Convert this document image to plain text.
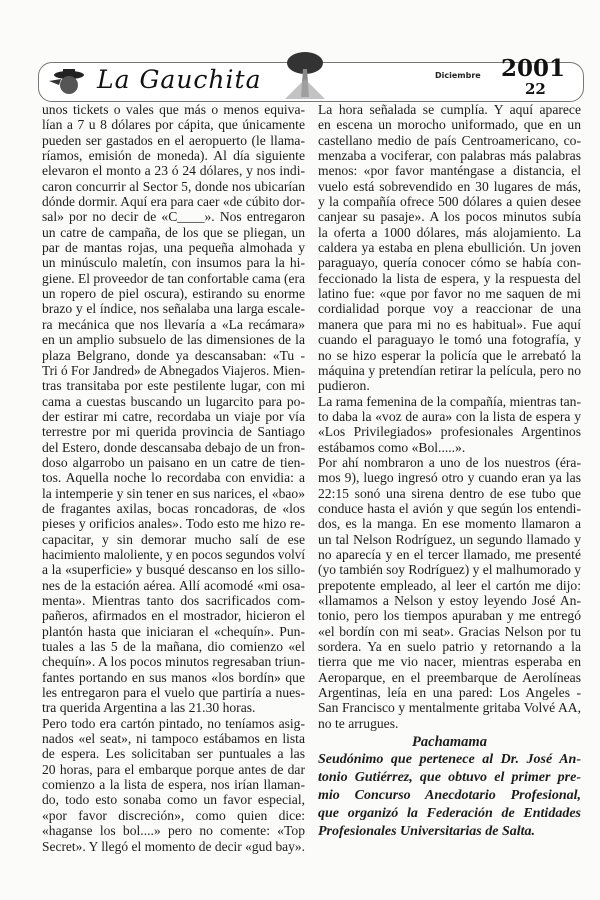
La Gauchita	Diciembre 2001
22
unos tickets o vales que más o menos equiva-
lían a 7 u 8 dólares por cápita, que únicamente
pueden ser gastados en el aeropuerto (le llama-
ríamos, emisión de moneda). Al día siguiente
elevaron el monto a 23 ó 24 dólares, y nos indi-
caron concurrir al Sector 5, donde nos ubicarían
dónde dormir. Aquí era para caer «de cúbito dor-
sal» por no decir de «C____». Nos entregaron
un catre de campaña, de los que se pliegan, un
par de mantas rojas, una pequeña almohada y
un minúsculo maletín, con insumos para la hi-
giene. El proveedor de tan confortable cama (era
un ropero de piel oscura), estirando su enorme
brazo y el índice, nos señalaba una larga escale-
ra mecánica que nos llevaría a «La recámara»
en un amplio subsuelo de las dimensiones de la
plaza Belgrano, donde ya descansaban: «Tu -
Tri ó For Jandred» de Abnegados Viajeros. Mien-
tras transitaba por este pestilente lugar, con mi
cama a cuestas buscando un lugarcito para po-
der estirar mi catre, recordaba un viaje por vía
terrestre por mi querida provincia de Santiago
del Estero, donde descansaba debajo de un fron-
doso algarrobo un paisano en un catre de tien-
tos. Aquella noche lo recordaba con envidia: a
la intemperie y sin tener en sus narices, el «bao»
de fragantes axilas, bocas roncadoras, de «los
pieses y orificios anales». Todo esto me hizo re-
capacitar, y sin demorar mucho salí de ese
hacimiento maloliente, y en pocos segundos volví
a la «superficie» y busqué descanso en los sillo-
nes de la estación aérea. Allí acomodé «mi osa-
menta». Mientras tanto dos sacrificados com-
pañeros, afirmados en el mostrador, hicieron el
plantón hasta que iniciaran el «chequín». Pun-
tuales a las 5 de la mañana, dio comienzo «el
chequín». A los pocos minutos regresaban triun-
fantes portando en sus manos «los bordín» que
les entregaron para el vuelo que partiría a nues-
tra querida Argentina a las 21.30 horas.
Pero todo era cartón pintado, no teníamos asig-
nados «el seat», ni tampoco estábamos en lista
de espera. Les solicitaban ser puntuales a las
20 horas, para el embarque porque antes de dar
comienzo a la lista de espera, nos irían llaman-
do, todo esto sonaba como un favor especial,
«por favor discreción», como quien dice:
«haganse los bol....» pero no comente: «Top
Secret». Y llegó el momento de decir «gud bay».
La hora señalada se cumplía. Y aquí aparece
en escena un morocho uniformado, que en un
castellano medio de país Centroamericano, co-
menzaba a vociferar, con palabras más palabras
menos: «por favor manténgase a distancia, el
vuelo está sobrevendido en 30 lugares de más,
y la compañía ofrece 500 dólares a quien desee
canjear su pasaje». A los pocos minutos subía
la oferta a 1000 dólares, más alojamiento. La
caldera ya estaba en plena ebullición. Un joven
paraguayo, quería conocer cómo se había con-
feccionado la lista de espera, y la respuesta del
latino fue: «que por favor no me saquen de mi
cordialidad porque voy a reaccionar de una
manera que para mi no es habitual». Fue aquí
cuando el paraguayo le tomó una fotografía, y
no se hizo esperar la policía que le arrebató la
máquina y pretendían retirar la película, pero no
pudieron.
La rama femenina de la compañía, mientras tan-
to daba la «voz de aura» con la lista de espera y
«Los Privilegiados» profesionales Argentinos
estábamos como «Bol.....».
Por ahí nombraron a uno de los nuestros (éra-
mos 9), luego ingresó otro y cuando eran ya las
22:15 sonó una sirena dentro de ese tubo que
conduce hasta el avión y que según los entendi-
dos, es la manga. En ese momento llamaron a
un tal Nelson Rodríguez, un segundo llamado y
no aparecía y en el tercer llamado, me presenté
(yo también soy Rodríguez) y el malhumorado y
prepotente empleado, al leer el cartón me dijo:
«llamamos a Nelson y estoy leyendo José An-
tonio, pero los tiempos apuraban y me entregó
«el bordín con mi seat». Gracias Nelson por tu
sordera. Ya en suelo patrio y retornando a la
tierra que me vio nacer, mientras esperaba en
Aeroparque, en el preembarque de Aerolíneas
Argentinas, leía en una pared: Los Angeles -
San Francisco y mentalmente gritaba Volvé AA,
no te arrugues.
Pachamama
Seudónimo que pertenece al Dr. José An-
tonio Gutiérrez, que obtuvo el primer pre-
mio Concurso Anecdotario Profesional,
que organizó la Federación de Entidades
Profesionales Universitarias de Salta.
